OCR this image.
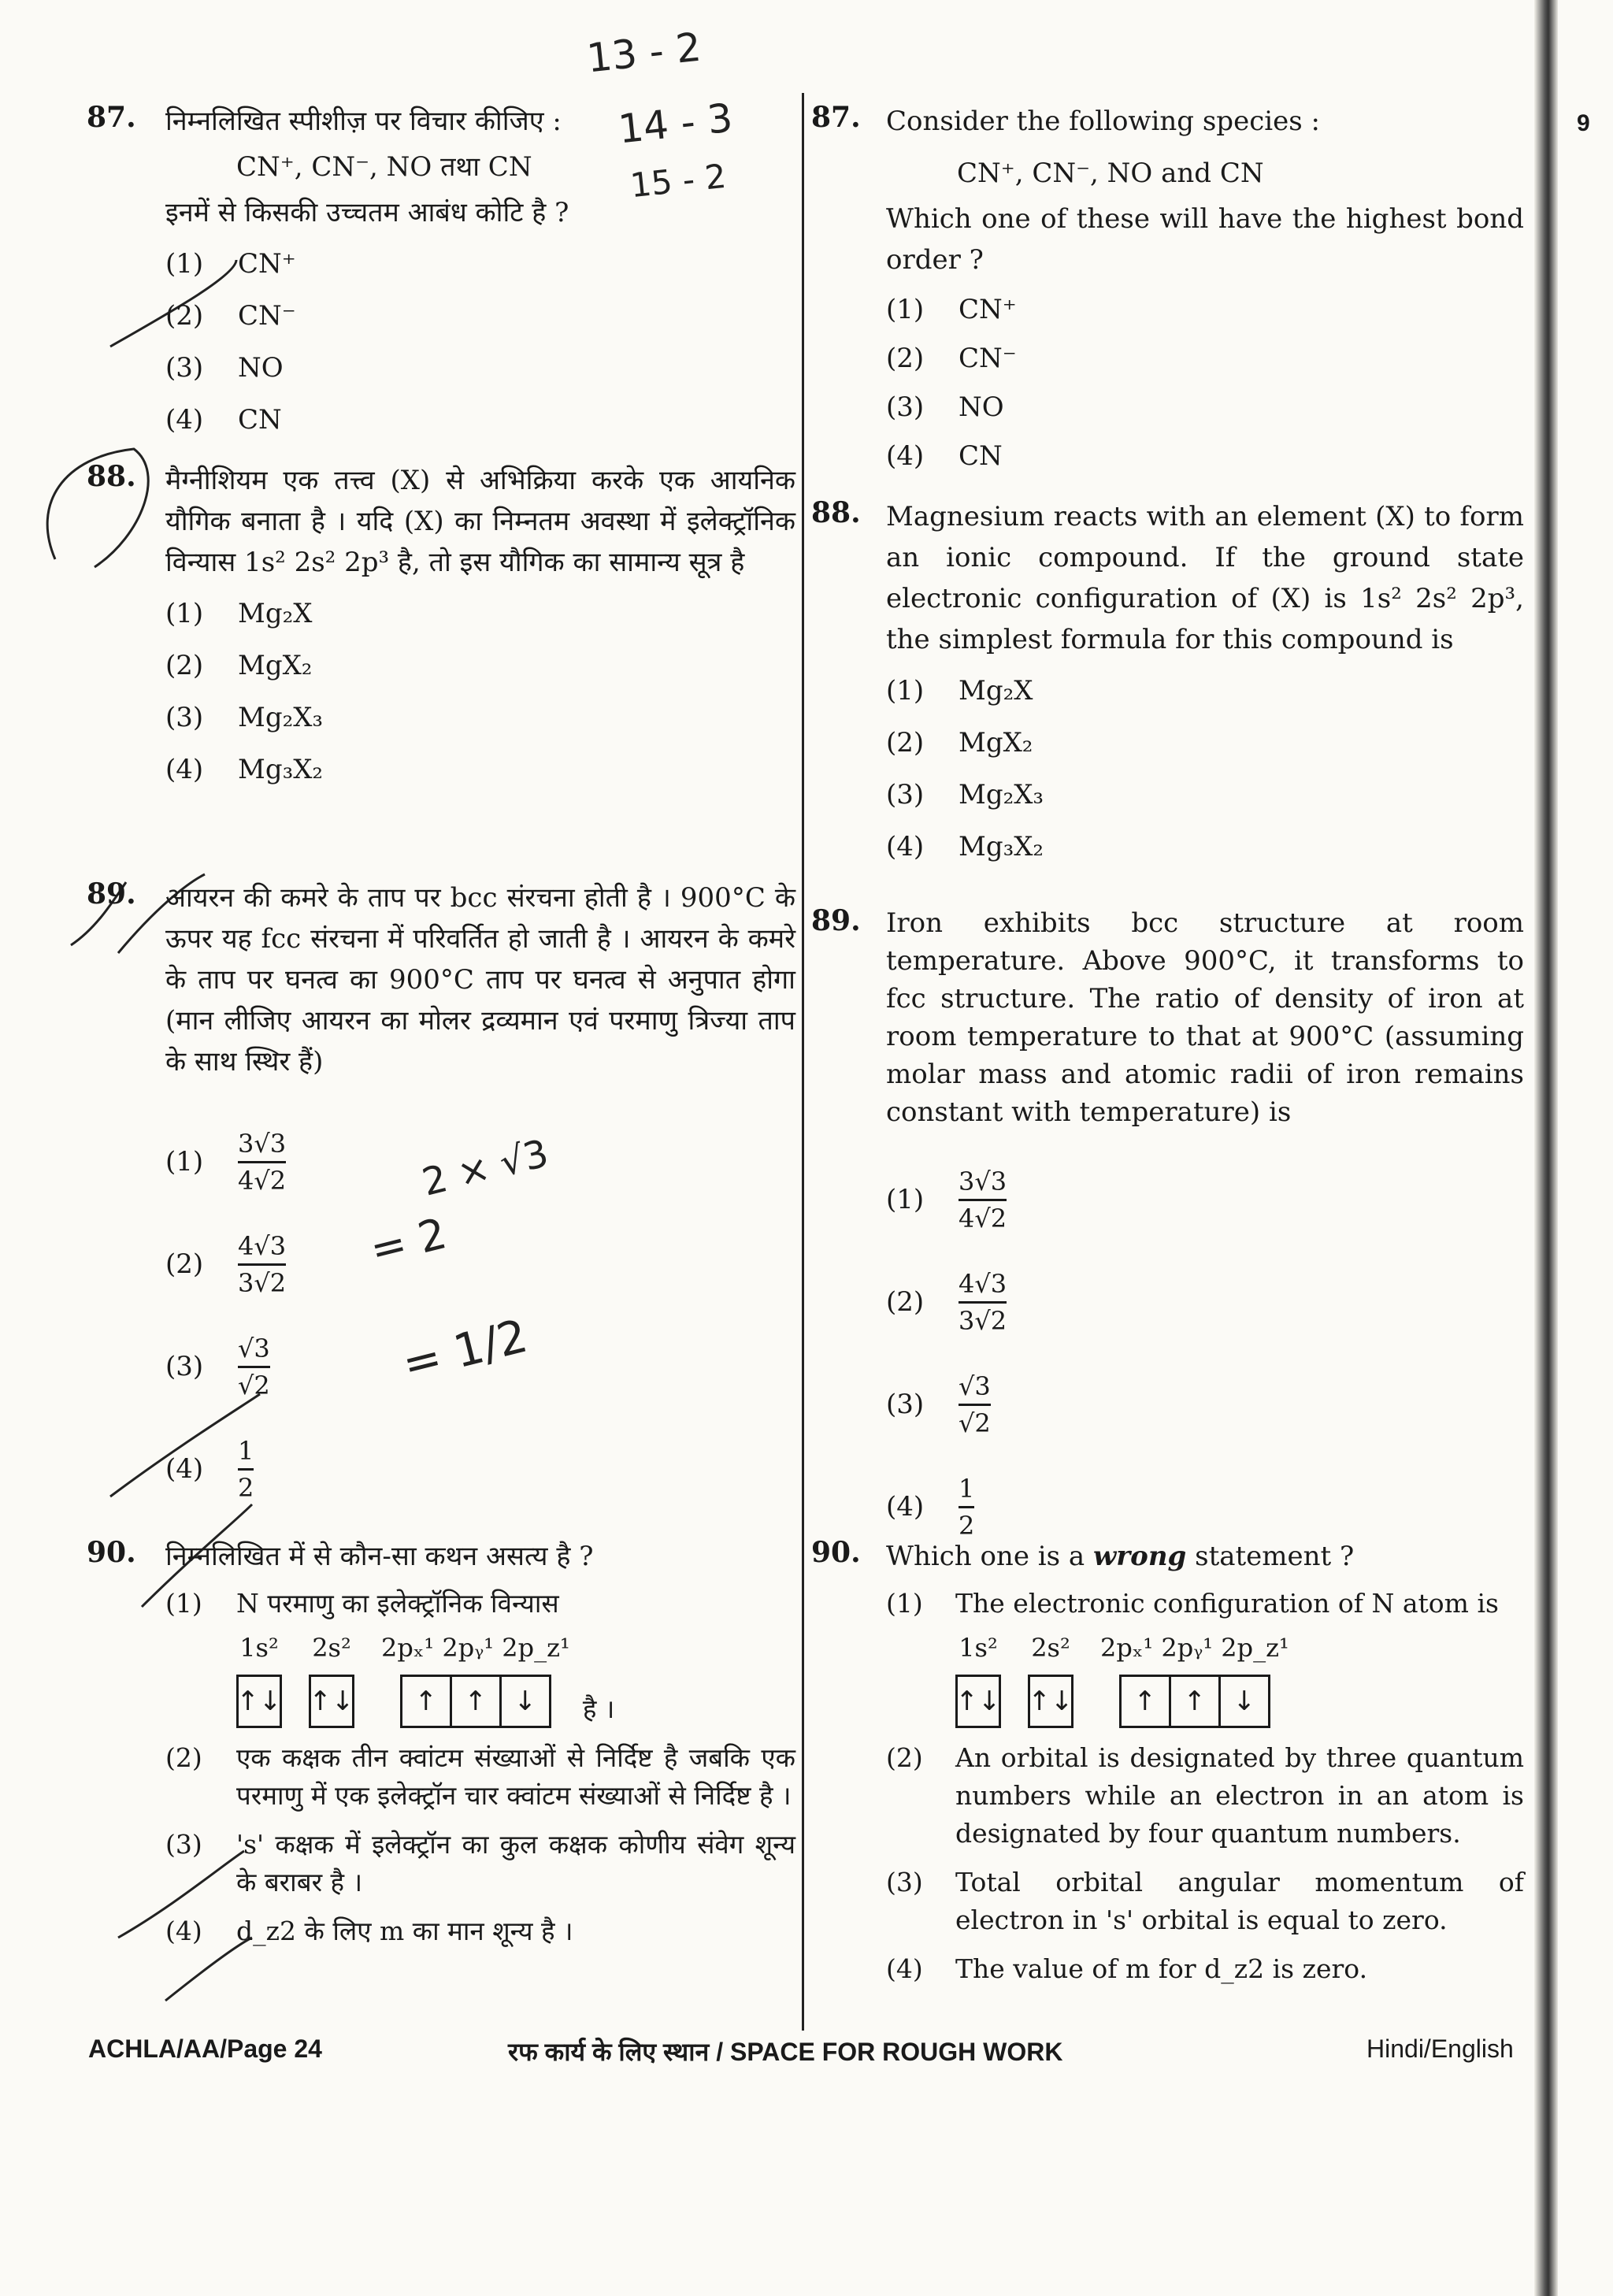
9
13 - 2
14 - 3
15 - 2
2 × √3
= 2
= 1/2
87. निम्नलिखित स्पीशीज़ पर विचार कीजिए :
CN⁺, CN⁻, NO तथा CN
इनमें से किसकी उच्चतम आबंध कोटि है ?
(1)	CN⁺
(2)	CN⁻
(3)	NO
(4)	CN
88. मैग्नीशियम एक तत्त्व (X) से अभिक्रिया करके एक आयनिक यौगिक बनाता है । यदि (X) का निम्नतम अवस्था में इलेक्ट्रॉनिक विन्यास 1s² 2s² 2p³ है, तो इस यौगिक का सामान्य सूत्र है
(1)	Mg₂X
(2)	MgX₂
(3)	Mg₂X₃
(4)	Mg₃X₂
89. आयरन की कमरे के ताप पर bcc संरचना होती है । 900°C के ऊपर यह fcc संरचना में परिवर्तित हो जाती है । आयरन के कमरे के ताप पर घनत्व का 900°C ताप पर घनत्व से अनुपात होगा (मान लीजिए आयरन का मोलर द्रव्यमान एवं परमाणु त्रिज्या ताप के साथ स्थिर हैं)
(1)	$\frac{3√3}{4√2}$
(2)	$\frac{4√3}{3√2}$
(3)	$\frac{√3}{√2}$
(4)	$\frac{1}{2}$
90. निम्नलिखित में से कौन-सा कथन असत्य है ?
(1)	N परमाणु का इलेक्ट्रॉनिक विन्यास
1s²
↑↓
2s²
↑↓
2pₓ¹ 2pᵧ¹ 2p_z¹
↑	↑	↓	है ।
(2)	एक कक्षक तीन क्वांटम संख्याओं से निर्दिष्ट है जबकि एक परमाणु में एक इलेक्ट्रॉन चार क्वांटम संख्याओं से निर्दिष्ट है ।
(3)	's' कक्षक में इलेक्ट्रॉन का कुल कक्षक कोणीय संवेग शून्य के बराबर है ।
(4)	d_z2 के लिए m का मान शून्य है ।
87. Consider the following species :
CN⁺, CN⁻, NO and CN
Which one of these will have the highest bond order ?
(1)	CN⁺
(2)	CN⁻
(3)	NO
(4)	CN
88. Magnesium reacts with an element (X) to form an ionic compound. If the ground state electronic configuration of (X) is 1s² 2s² 2p³, the simplest formula for this compound is
(1)	Mg₂X
(2)	MgX₂
(3)	Mg₂X₃
(4)	Mg₃X₂
89. Iron exhibits bcc structure at room temperature. Above 900°C, it transforms to fcc structure. The ratio of density of iron at room temperature to that at 900°C (assuming molar mass and atomic radii of iron remains constant with temperature) is
(1)	$\frac{3√3}{4√2}$
(2)	$\frac{4√3}{3√2}$
(3)	$\frac{√3}{√2}$
(4)	$\frac{1}{2}$
90. Which one is a wrong statement ?
(1)	The electronic configuration of N atom is
1s²
↑↓
2s²
↑↓
2pₓ¹ 2pᵧ¹ 2p_z¹
↑	↑	↓
(2)	An orbital is designated by three quantum numbers while an electron in an atom is designated by four quantum numbers.
(3)	Total orbital angular momentum of electron in 's' orbital is equal to zero.
(4)	The value of m for d_z2 is zero.
ACHLA/AA/Page 24	रफ कार्य के लिए स्थान / SPACE FOR ROUGH WORK	Hindi/English
